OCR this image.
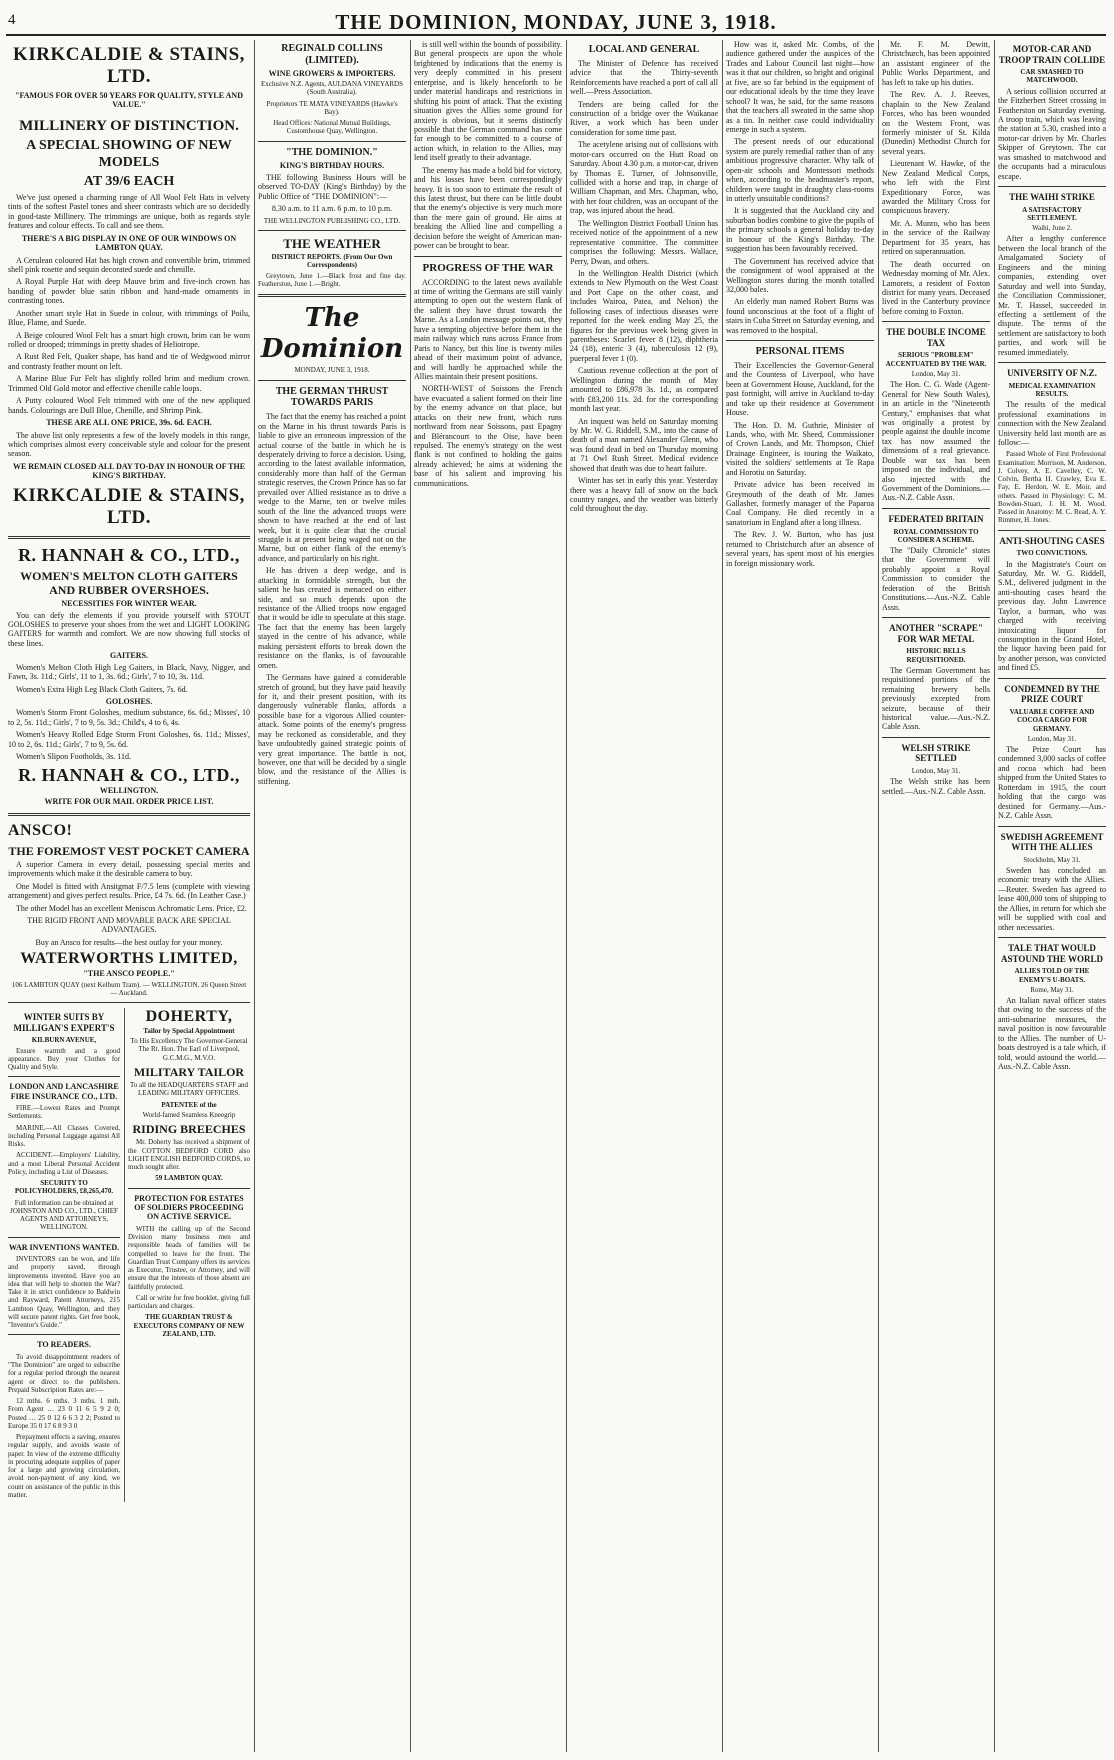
4	THE DOMINION, MONDAY, JUNE 3, 1918.
KIRKCALDIE & STAINS, LTD.
"FAMOUS FOR OVER 50 YEARS FOR QUALITY, STYLE AND VALUE."
MILLINERY OF DISTINCTION.
A SPECIAL SHOWING OF NEW MODELS
AT 39/6 EACH

We've just opened a charming range of All Wool Felt Hats in velvety tints of the softest Pastel tones and sheer contrasts which are so decidedly in good-taste Millinery. The trimmings are unique, both as regards style features and colour effects. To call and see them.

THERE'S A BIG DISPLAY IN ONE OF OUR WINDOWS ON LAMBTON QUAY.

A Cerulean coloured Hat has high crown and convertible brim, trimmed shell pink rosette and sequin decorated suede and chenille.

A Royal Purple Hat with deep Mauve brim and five-inch crown has banding of powder blue satin ribbon and hand-made ornaments in contrasting tones.

Another smart style Hat in Suede in colour, with trimmings of Poilu, Blue, Flame, and Suede.

A Beige coloured Wool Felt has a smart high crown, brim can be worn rolled or drooped; trimmings in pretty shades of Heliotrope.

A Rust Red Felt, Quaker shape, has band and tie of Wedgwood mirror and contrasty feather mount on left.

A Marine Blue Fur Felt has slightly rolled brim and medium crown. Trimmed Old Gold motor and effective chenille cable loops.

A Putty coloured Wool Felt trimmed with one of the new appliqued hands. Colourings are Dull Blue, Chenille, and Shrimp Pink.

THESE ARE ALL ONE PRICE, 39s. 6d. EACH.

The above list only represents a few of the lovely models in this range, which comprises almost every conceivable style and colour for the present season.

WE REMAIN CLOSED ALL DAY TO-DAY IN HONOUR OF THE KING'S BIRTHDAY.

KIRKCALDIE & STAINS, LTD.
R. HANNAH & CO., LTD.,
WOMEN'S MELTON CLOTH GAITERS AND RUBBER OVERSHOES.
NECESSITIES FOR WINTER WEAR.

You can defy the elements if you provide yourself with STOUT GOLOSHES to preserve your shoes from the wet and LIGHT LOOKING GAITERS for warmth and comfort. We are now showing full stocks of these lines.

GAITERS.

Women's Melton Cloth High Leg Gaiters, in Black, Navy, Nigger, and Fawn, 3s. 11d.; Girls', 11 to 1, 3s. 6d.; Girls', 7 to 10, 3s. 11d.

Women's Extra High Leg Black Cloth Gaiters, 7s. 6d.

GOLOSHES.

Women's Storm Front Goloshes, medium substance, 6s. 6d.; Misses', 10 to 2, 5s. 11d.; Girls', 7 to 9, 5s. 3d.; Child's, 4 to 6, 4s.

Women's Heavy Rolled Edge Storm Front Goloshes, 6s. 11d.; Misses', 10 to 2, 6s. 11d.; Girls', 7 to 9, 5s. 6d.

Women's Slipon Footholds, 3s. 11d.

R. HANNAH & CO., LTD.,
WELLINGTON.
WRITE FOR OUR MAIL ORDER PRICE LIST.
ANSCO!
THE FOREMOST VEST POCKET CAMERA

A superior Camera in every detail, possessing special merits and improvements which make it the desirable camera to buy.

One Model is fitted with Ansitgmat F/7.5 lens (complete with viewing arrangement) and gives perfect results. Price, £4 7s. 6d. (In Leather Case.)

The other Model has an excellent Meniscus Achromatic Lens. Price, £2.

THE RIGID FRONT AND MOVABLE BACK ARE SPECIAL ADVANTAGES.

Buy an Ansco for results—the best outlay for your money.

WATERWORTHS LIMITED,
"THE ANSCO PEOPLE."

106 LAMBTON QUAY (next Kelburn Tram). — WELLINGTON. 26 Queen Street — Auckland.

WINTER SUITS BY MILLIGAN'S EXPERT'S
KILBURN AVENUE,

Ensure warmth and a good appearance. Buy your Clothes for Quality and Style.

LONDON AND LANCASHIRE FIRE INSURANCE CO., LTD.

FIRE.—Lowest Rates and Prompt Settlements.

MARINE.—All Classes Covered, including Personal Luggage against All Risks.

ACCIDENT.—Employers' Liability, and a most Liberal Personal Accident Policy, including a List of Diseases.

SECURITY TO POLICYHOLDERS, £8,265,470.

Full information can be obtained at JOHNSTON AND CO., LTD., CHIEF AGENTS AND ATTORNEYS, WELLINGTON.

WAR INVENTIONS WANTED.

INVENTORS can be won, and life and property saved, through improvements invented. Have you an idea that will help to shorten the War? Take it in strict confidence to Baldwin and Rayward, Patent Attorneys, 215 Lambton Quay, Wellington, and they will secure patent rights. Get free book, "Inventor's Guide."

TO READERS.

To avoid disappointment readers of "The Dominion" are urged to subscribe for a regular period through the nearest agent or direct to the publishers. Prepaid Subscription Rates are:—

12 mths. 6 mths. 3 mths. 1 mth. From Agent … 23 0 11 6 5 9 2 0; Posted … 25 0 12 6 6 3 2 2; Posted to Europe 35 0 17 6 8 9 3 0

Prepayment effects a saving, ensures regular supply, and avoids waste of paper. In view of the extreme difficulty in procuring adequate supplies of paper for a large and growing circulation, avoid non-payment of any kind, we count on assistance of the public in this matter.

DOHERTY,
Tailor by Special Appointment

To His Excellency The Governor-General The Rt. Hon. The Earl of Liverpool, G.C.M.G., M.V.O.

MILITARY TAILOR

To all the HEADQUARTERS STAFF and LEADING MILITARY OFFICERS.

PATENTEE of the

World-famed Seamless Kneegrip

RIDING BREECHES

Mr. Doherty has received a shipment of the COTTON BEDFORD CORD also LIGHT ENGLISH BEDFORD CORDS, so much sought after.

59 LAMBTON QUAY.
PROTECTION FOR ESTATES OF SOLDIERS PROCEEDING ON ACTIVE SERVICE.

WITH the calling up of the Second Division many business men and responsible heads of families will be compelled to leave for the front. The Guardian Trust Company offers its services as Executor, Trustee, or Attorney, and will ensure that the interests of those absent are faithfully protected.

Call or write for free booklet, giving full particulars and charges.

THE GUARDIAN TRUST & EXECUTORS COMPANY OF NEW ZEALAND, LTD.
REGINALD COLLINS (LIMITED).
WINE GROWERS & IMPORTERS.

Exclusive N.Z. Agents, AULDANA VINEYARDS (South Australia).

Proprietors TE MATA VINEYARDS (Hawke's Bay).

Head Offices: National Mutual Buildings, Customhouse Quay, Wellington.

"THE DOMINION."
KING'S BIRTHDAY HOURS.

THE following Business Hours will be observed TO-DAY (King's Birthday) by the Public Office of "THE DOMINION":—

8.30 a.m. to 11 a.m. 6 p.m. to 10 p.m.

THE WELLINGTON PUBLISHING CO., LTD.

THE WEATHER
DISTRICT REPORTS. (From Our Own Correspondents)

Greytown, June 1.—Black frost and fine day. Featherston, June 1.—Bright.

The Dominion
MONDAY, JUNE 3, 1918.
THE GERMAN THRUST TOWARDS PARIS

The fact that the enemy has reached a point on the Marne in his thrust towards Paris is liable to give an erroneous impression of the actual course of the battle in which he is desperately driving to force a decision. Using, according to the latest available information, considerably more than half of the German strategic reserves, the Crown Prince has so far prevailed over Allied resistance as to drive a wedge to the Marne, ten or twelve miles south of the line the advanced troops were shown to have reached at the end of last week, but it is quite clear that the crucial struggle is at present being waged not on the Marne, but on either flank of the enemy's advance, and particularly on his right.

He has driven a deep wedge, and is attacking in formidable strength, but the salient he has created is menaced on either side, and so much depends upon the resistance of the Allied troops now engaged that it would be idle to speculate at this stage. The fact that the enemy has been largely stayed in the centre of his advance, while making persistent efforts to break down the resistance on the flanks, is of favourable omen.

The Germans have gained a considerable stretch of ground, but they have paid heavily for it, and their present position, with its dangerously vulnerable flanks, affords a possible base for a vigorous Allied counter-attack. Some points of the enemy's progress may be reckoned as considerable, and they have undoubtedly gained strategic points of very great importance. The battle is not, however, one that will be decided by a single blow, and the resistance of the Allies is stiffening.

is still well within the bounds of possibility. But general prospects are upon the whole brightened by indications that the enemy is very deeply committed in his present enterprise, and is likely henceforth to be under material handicaps and restrictions in shifting his point of attack. That the existing situation gives the Allies some ground for anxiety is obvious, but it seems distinctly possible that the German command has come far enough to be committed to a course of action which, in relation to the Allies, may lend itself greatly to their advantage.

The enemy has made a bold bid for victory, and his losses have been correspondingly heavy. It is too soon to estimate the result of this latest thrust, but there can be little doubt that the enemy's objective is very much more than the mere gain of ground. He aims at breaking the Allied line and compelling a decision before the weight of American man-power can be brought to bear.

PROGRESS OF THE WAR

ACCORDING to the latest news available at time of writing the Germans are still vainly attempting to open out the western flank of the salient they have thrust towards the Marne. As a London message points out, they have a tempting objective before them in the main railway which runs across France from Paris to Nancy, but this line is twenty miles ahead of their maximum point of advance, and will hardly be approached while the Allies maintain their present positions.

NORTH-WEST of Soissons the French have evacuated a salient formed on their line by the enemy advance on that place, but attacks on their new front, which runs northward from near Soissons, past Epagny and Blérancourt to the Oise, have been repulsed. The enemy's strategy on the west flank is not confined to holding the gains already achieved; he aims at widening the base of his salient and improving his communications.

LOCAL AND GENERAL

The Minister of Defence has received advice that the Thirty-seventh Reinforcements have reached a port of call all well.—Press Association.

Tenders are being called for the construction of a bridge over the Waikanae River, a work which has been under consideration for some time past.

The acetylene arising out of collisions with motor-cars occurred on the Hutt Road on Saturday. About 4.30 p.m. a motor-car, driven by Thomas E. Turner, of Johnsonville, collided with a horse and trap, in charge of William Chapman, and Mrs. Chapman, who, with her four children, was an occupant of the trap, was injured about the head.

The Wellington District Football Union has received notice of the appointment of a new representative committee. The committee comprises the following: Messrs. Wallace, Perry, Dwan, and others.

In the Wellington Health District (which extends to New Plymouth on the West Coast and Port Cape on the other coast, and includes Wairoa, Patea, and Nelson) the following cases of infectious diseases were reported for the week ending May 25, the figures for the previous week being given in parentheses: Scarlet fever 8 (12), diphtheria 24 (18), enteric 3 (4), tuberculosis 12 (9), puerperal fever 1 (0).

Cautious revenue collection at the port of Wellington during the month of May amounted to £86,978 3s. 1d., as compared with £83,200 11s. 2d. for the corresponding month last year.

An inquest was held on Saturday morning by Mr. W. G. Riddell, S.M., into the cause of death of a man named Alexander Glenn, who was found dead in bed on Thursday morning at 71 Owl Rush Street. Medical evidence showed that death was due to heart failure.

Winter has set in early this year. Yesterday there was a heavy fall of snow on the back country ranges, and the weather was bitterly cold throughout the day.

How was it, asked Mr. Combs, of the audience gathered under the auspices of the Trades and Labour Council last night—how was it that our children, so bright and original at five, are so far behind in the equipment of our educational ideals by the time they leave school? It was, he said, for the same reasons that the teachers all sweated in the same shop as a tin. In neither case could individuality emerge in such a system.

The present needs of our educational system are purely remedial rather than of any ambitious progressive character. Why talk of open-air schools and Montessori methods when, according to the headmaster's report, children were taught in draughty class-rooms in utterly unsuitable conditions?

It is suggested that the Auckland city and suburban bodies combine to give the pupils of the primary schools a general holiday to-day in honour of the King's Birthday. The suggestion has been favourably received.

The Government has received advice that the consignment of wool appraised at the Wellington stores during the month totalled 32,000 bales.

An elderly man named Robert Burns was found unconscious at the foot of a flight of stairs in Cuba Street on Saturday evening, and was removed to the hospital.

PERSONAL ITEMS

Their Excellencies the Governor-General and the Countess of Liverpool, who have been at Government House, Auckland, for the past fortnight, will arrive in Auckland to-day and take up their residence at Government House.

The Hon. D. M. Guthrie, Minister of Lands, who, with Mr. Sheed, Commissioner of Crown Lands, and Mr. Thompson, Chief Drainage Engineer, is touring the Waikato, visited the soldiers' settlements at Te Rapa and Horotiu on Saturday.

Private advice has been received in Greymouth of the death of Mr. James Gallasher, formerly manager of the Paparoa Coal Company. He died recently in a sanatorium in England after a long illness.

The Rev. J. W. Burton, who has just returned to Christchurch after an absence of several years, has spent most of his energies in foreign missionary work.

Mr. F. M. Dewitt, Christchurch, has been appointed an assistant engineer of the Public Works Department, and has left to take up his duties.

The Rev. A. J. Reeves, chaplain to the New Zealand Forces, who has been wounded on the Western Front, was formerly minister of St. Kilda (Dunedin) Methodist Church for several years.

Lieutenant W. Hawke, of the New Zealand Medical Corps, who left with the First Expeditionary Force, was awarded the Military Cross for conspicuous bravery.

Mr. A. Munro, who has been in the service of the Railway Department for 35 years, has retired on superannuation.

The death occurred on Wednesday morning of Mr. Alex. Lamorets, a resident of Foxton district for many years. Deceased lived in the Canterbury province before coming to Foxton.

THE DOUBLE INCOME TAX
SERIOUS "PROBLEM" ACCENTUATED BY THE WAR.
London, May 31.

The Hon. C. G. Wade (Agent-General for New South Wales), in an article in the "Nineteenth Century," emphasises that what was originally a protest by people against the double income tax has now assumed the dimensions of a real grievance. Double war tax has been imposed on the individual, and also injected with the Government of the Dominions.—Aus.-N.Z. Cable Assn.

FEDERATED BRITAIN
ROYAL COMMISSION TO CONSIDER A SCHEME.

The "Daily Chronicle" states that the Government will probably appoint a Royal Commission to consider the federation of the British Constitutions.—Aus.-N.Z. Cable Assn.

ANOTHER "SCRAPE" FOR WAR METAL
HISTORIC BELLS REQUISITIONED.

The German Government has requisitioned portions of the remaining brewery bells previously excepted from seizure, because of their historical value.—Aus.-N.Z. Cable Assn.

WELSH STRIKE SETTLED
London, May 31.

The Welsh strike has been settled.—Aus.-N.Z. Cable Assn.

MOTOR-CAR AND TROOP TRAIN COLLIDE
CAR SMASHED TO MATCHWOOD.

A serious collision occurred at the Fitzherbert Street crossing in Featherston on Saturday evening. A troop train, which was leaving the station at 5.30, crashed into a motor-car driven by Mr. Charles Skipper of Greytown. The car was smashed to matchwood and the occupants had a miraculous escape.

THE WAIHI STRIKE
A SATISFACTORY SETTLEMENT.
Waihi, June 2.

After a lengthy conference between the local branch of the Amalgamated Society of Engineers and the mining companies, extending over Saturday and well into Sunday, the Conciliation Commissioner, Mr. T. Hassel, succeeded in effecting a settlement of the dispute. The terms of the settlement are satisfactory to both parties, and work will be resumed immediately.

UNIVERSITY OF N.Z.
MEDICAL EXAMINATION RESULTS.

The results of the medical professional examinations in connection with the New Zealand University held last month are as follow:—

Passed Whole of First Professional Examination: Morrison, M. Anderson, J. Colvey, A. E. Cavelley, C. W. Colvin, Bertha H. Crawley, Eva E. Fay, E. Herdon, W. E. Moir, and others. Passed in Physiology: C. M. Bowden-Stuart, J. H. M. Wood. Passed in Anatomy: M. C. Read, A. Y. Rimmer, H. Jones.

ANTI-SHOUTING CASES
TWO CONVICTIONS.

In the Magistrate's Court on Saturday, Mr. W. G. Riddell, S.M., delivered judgment in the anti-shouting cases heard the previous day. John Lawrence Taylor, a barman, who was charged with receiving intoxicating liquor for consumption in the Grand Hotel, the liquor having been paid for by another person, was convicted and fined £5.

CONDEMNED BY THE PRIZE COURT
VALUABLE COFFEE AND COCOA CARGO FOR GERMANY.
London, May 31.

The Prize Court has condemned 3,000 sacks of coffee and cocoa which had been shipped from the United States to Rotterdam in 1915, the court holding that the cargo was destined for Germany.—Aus.-N.Z. Cable Assn.

SWEDISH AGREEMENT WITH THE ALLIES
Stockholm, May 31.

Sweden has concluded an economic treaty with the Allies.—Reuter. Sweden has agreed to lease 400,000 tons of shipping to the Allies, in return for which she will be supplied with coal and other necessaries.

TALE THAT WOULD ASTOUND THE WORLD
ALLIES TOLD OF THE ENEMY'S U-BOATS.
Rome, May 31.

An Italian naval officer states that owing to the success of the anti-submarine measures, the naval position is now favourable to the Allies. The number of U-boats destroyed is a tale which, if told, would astound the world.—Aus.-N.Z. Cable Assn.
